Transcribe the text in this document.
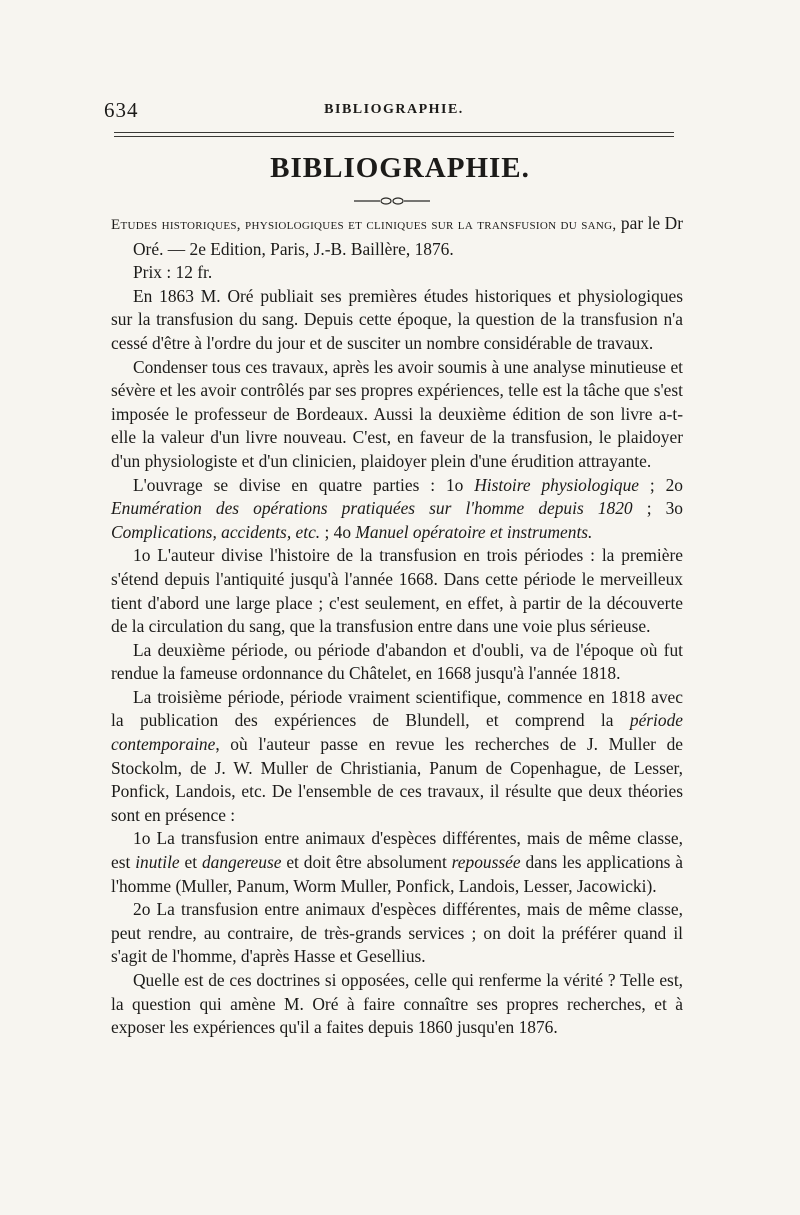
634	BIBLIOGRAPHIE.
BIBLIOGRAPHIE.

Etudes historiques, physiologiques et cliniques sur la transfusion du sang, par le Dr Oré. — 2e Edition, Paris, J.-B. Baillère, 1876.

Prix : 12 fr.

En 1863 M. Oré publiait ses premières études historiques et physiologiques sur la transfusion du sang. Depuis cette époque, la question de la transfusion n'a cessé d'être à l'ordre du jour et de susciter un nombre considérable de travaux.

Condenser tous ces travaux, après les avoir soumis à une analyse minutieuse et sévère et les avoir contrôlés par ses propres expériences, telle est la tâche que s'est imposée le professeur de Bordeaux. Aussi la deuxième édition de son livre a-t-elle la valeur d'un livre nouveau. C'est, en faveur de la transfusion, le plaidoyer d'un physiologiste et d'un clinicien, plaidoyer plein d'une érudition attrayante.

L'ouvrage se divise en quatre parties : 1o Histoire physiologique ; 2o Enumération des opérations pratiquées sur l'homme depuis 1820 ; 3o Complications, accidents, etc. ; 4o Manuel opératoire et instruments.

1o L'auteur divise l'histoire de la transfusion en trois périodes : la première s'étend depuis l'antiquité jusqu'à l'année 1668. Dans cette période le merveilleux tient d'abord une large place ; c'est seulement, en effet, à partir de la découverte de la circulation du sang, que la transfusion entre dans une voie plus sérieuse.

La deuxième période, ou période d'abandon et d'oubli, va de l'époque où fut rendue la fameuse ordonnance du Châtelet, en 1668 jusqu'à l'année 1818.

La troisième période, période vraiment scientifique, commence en 1818 avec la publication des expériences de Blundell, et comprend la période contemporaine, où l'auteur passe en revue les recherches de J. Muller de Stockolm, de J. W. Muller de Christiania, Panum de Copenhague, de Lesser, Ponfick, Landois, etc. De l'ensemble de ces travaux, il résulte que deux théories sont en présence :

1o La transfusion entre animaux d'espèces différentes, mais de même classe, est inutile et dangereuse et doit être absolument repoussée dans les applications à l'homme (Muller, Panum, Worm Muller, Ponfick, Landois, Lesser, Jacowicki).

2o La transfusion entre animaux d'espèces différentes, mais de même classe, peut rendre, au contraire, de très-grands services ; on doit la préférer quand il s'agit de l'homme, d'après Hasse et Gesellius.

Quelle est de ces doctrines si opposées, celle qui renferme la vérité ? Telle est, la question qui amène M. Oré à faire connaître ses propres recherches, et à exposer les expériences qu'il a faites depuis 1860 jusqu'en 1876.
